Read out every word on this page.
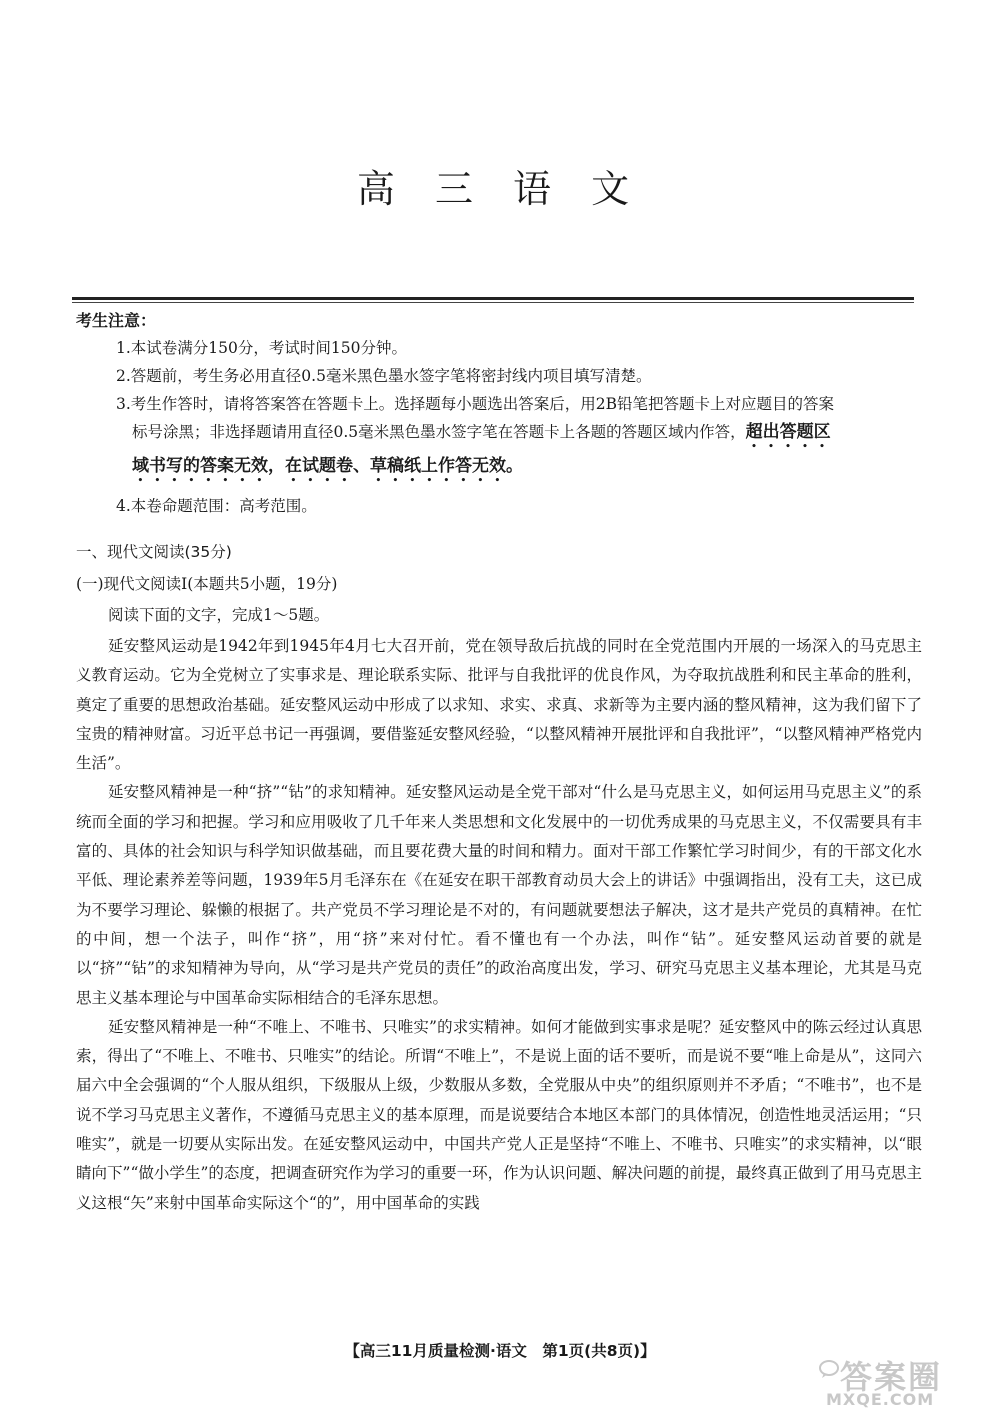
高 三 语 文
考生注意：

1.本试卷满分150分，考试时间150分钟。

2.答题前，考生务必用直径0.5毫米黑色墨水签字笔将密封线内项目填写清楚。

3.考生作答时，请将答案答在答题卡上。选择题每小题选出答案后，用2B铅笔把答题卡上对应题目的答案

标号涂黑；非选择题请用直径0.5毫米黑色墨水签字笔在答题卡上各题的答题区域内作答，超出答题区

域书写的答案无效，在试题卷、草稿纸上作答无效。

4.本卷命题范围：高考范围。

一、现代文阅读(35分)
(一)现代文阅读Ⅰ(本题共5小题，19分)
阅读下面的文字，完成1～5题。

延安整风运动是1942年到1945年4月七大召开前，党在领导敌后抗战的同时在全党范围内开展的一场深入的马克思主义教育运动。它为全党树立了实事求是、理论联系实际、批评与自我批评的优良作风，为夺取抗战胜利和民主革命的胜利，奠定了重要的思想政治基础。延安整风运动中形成了以求知、求实、求真、求新等为主要内涵的整风精神，这为我们留下了宝贵的精神财富。习近平总书记一再强调，要借鉴延安整风经验，“以整风精神开展批评和自我批评”，“以整风精神严格党内生活”。

延安整风精神是一种“挤”“钻”的求知精神。延安整风运动是全党干部对“什么是马克思主义，如何运用马克思主义”的系统而全面的学习和把握。学习和应用吸收了几千年来人类思想和文化发展中的一切优秀成果的马克思主义，不仅需要具有丰富的、具体的社会知识与科学知识做基础，而且要花费大量的时间和精力。面对干部工作繁忙学习时间少，有的干部文化水平低、理论素养差等问题，1939年5月毛泽东在《在延安在职干部教育动员大会上的讲话》中强调指出，没有工夫，这已成为不要学习理论、躲懒的根据了。共产党员不学习理论是不对的，有问题就要想法子解决，这才是共产党员的真精神。在忙的中间，想一个法子，叫作“挤”，用“挤”来对付忙。看不懂也有一个办法，叫作“钻”。延安整风运动首要的就是以“挤”“钻”的求知精神为导向，从“学习是共产党员的责任”的政治高度出发，学习、研究马克思主义基本理论，尤其是马克思主义基本理论与中国革命实际相结合的毛泽东思想。

延安整风精神是一种“不唯上、不唯书、只唯实”的求实精神。如何才能做到实事求是呢？延安整风中的陈云经过认真思索，得出了“不唯上、不唯书、只唯实”的结论。所谓“不唯上”，不是说上面的话不要听，而是说不要“唯上命是从”，这同六届六中全会强调的“个人服从组织，下级服从上级，少数服从多数，全党服从中央”的组织原则并不矛盾；“不唯书”，也不是说不学习马克思主义著作，不遵循马克思主义的基本原理，而是说要结合本地区本部门的具体情况，创造性地灵活运用；“只唯实”，就是一切要从实际出发。在延安整风运动中，中国共产党人正是坚持“不唯上、不唯书、只唯实”的求实精神，以“眼睛向下”“做小学生”的态度，把调查研究作为学习的重要一环，作为认识问题、解决问题的前提，最终真正做到了用马克思主义这根“矢”来射中国革命实际这个“的”，用中国革命的实践

【高三11月质量检测·语文　第1页(共8页)】
答案圈
MXQE.COM
